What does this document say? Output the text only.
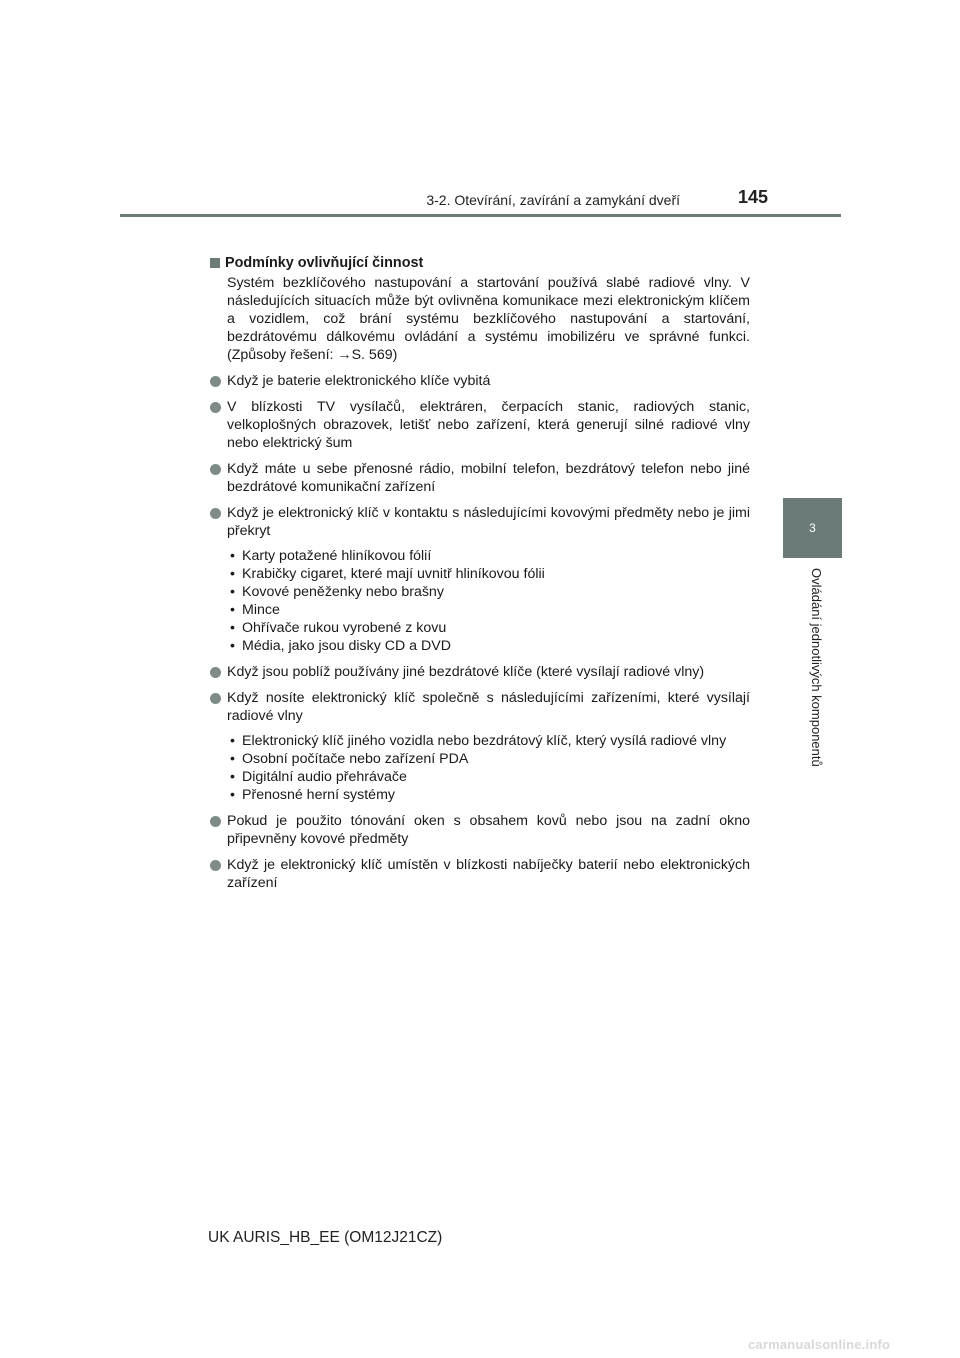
3-2. Otevírání, zavírání a zamykání dveří	145
3
Ovládání jednotlivých komponentů
Podmínky ovlivňující činnost
Systém bezklíčového nastupování a startování používá slabé radiové vlny. V následujících situacích může být ovlivněna komunikace mezi elektronickým klíčem a vozidlem, což brání systému bezklíčového nastupování a startování, bezdrátovému dálkovému ovládání a systému imobilizéru ve správné funkci. (Způsoby řešení: →S. 569)
Když je baterie elektronického klíče vybitá
V blízkosti TV vysílačů, elektráren, čerpacích stanic, radiových stanic, velkoplošných obrazovek, letišť nebo zařízení, která generují silné radiové vlny nebo elektrický šum
Když máte u sebe přenosné rádio, mobilní telefon, bezdrátový telefon nebo jiné bezdrátové komunikační zařízení
Když je elektronický klíč v kontaktu s následujícími kovovými předměty nebo je jimi překryt
• Karty potažené hliníkovou fólií
• Krabičky cigaret, které mají uvnitř hliníkovou fólii
• Kovové peněženky nebo brašny
• Mince
• Ohřívače rukou vyrobené z kovu
• Média, jako jsou disky CD a DVD
Když jsou poblíž používány jiné bezdrátové klíče (které vysílají radiové vlny)
Když nosíte elektronický klíč společně s následujícími zařízeními, které vysílají radiové vlny
• Elektronický klíč jiného vozidla nebo bezdrátový klíč, který vysílá radiové vlny
• Osobní počítače nebo zařízení PDA
• Digitální audio přehrávače
• Přenosné herní systémy
Pokud je použito tónování oken s obsahem kovů nebo jsou na zadní okno připevněny kovové předměty
Když je elektronický klíč umístěn v blízkosti nabíječky baterií nebo elektronických zařízení
UK AURIS_HB_EE (OM12J21CZ)
carmanualsonline.info
